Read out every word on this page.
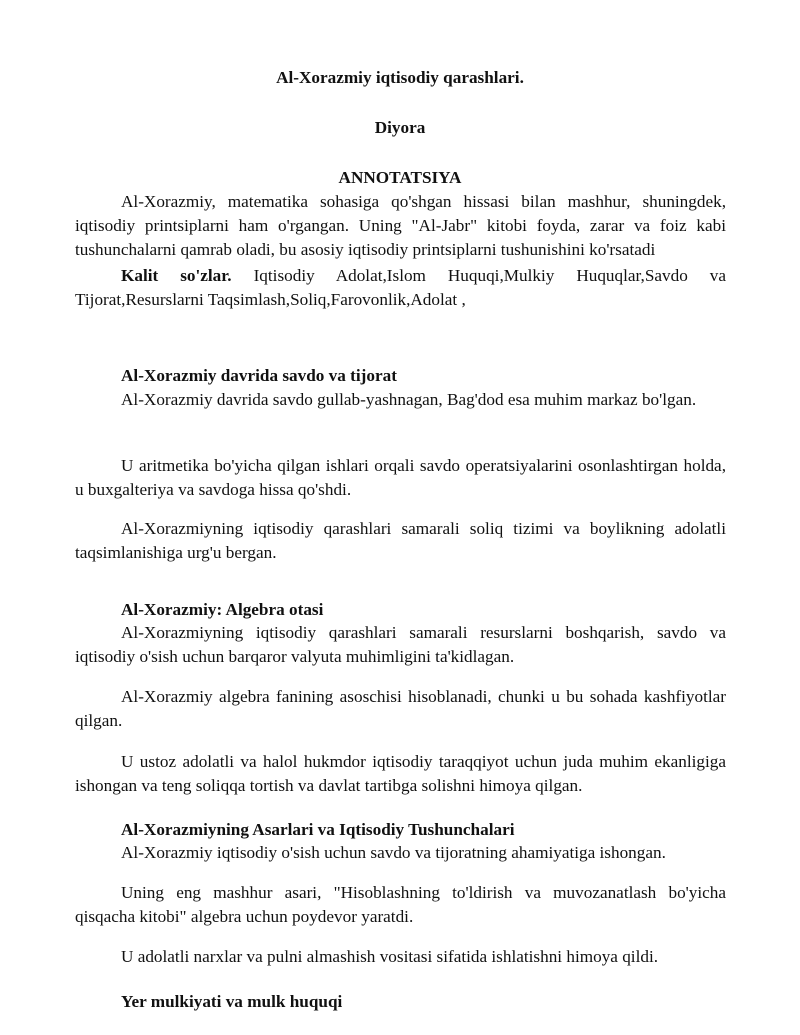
Al-Xorazmiy iqtisodiy qarashlari.
Diyora
ANNOTATSIYA

Al-Xorazmiy, matematika sohasiga qo'shgan hissasi bilan mashhur, shuningdek, iqtisodiy printsiplarni ham o'rgangan. Uning "Al-Jabr" kitobi foyda, zarar va foiz kabi tushunchalarni qamrab oladi, bu asosiy iqtisodiy printsiplarni tushunishini ko'rsatadi

Kalit so'zlar. Iqtisodiy Adolat,Islom Huquqi,Mulkiy Huquqlar,Savdo va Tijorat,Resurslarni Taqsimlash,Soliq,Farovonlik,Adolat ,

Al-Xorazmiy davrida savdo va tijorat

Al-Xorazmiy davrida savdo gullab-yashnagan, Bag'dod esa muhim markaz bo'lgan.

U aritmetika bo'yicha qilgan ishlari orqali savdo operatsiyalarini osonlashtirgan holda, u buxgalteriya va savdoga hissa qo'shdi.

Al-Xorazmiyning iqtisodiy qarashlari samarali soliq tizimi va boylikning adolatli taqsimlanishiga urg'u bergan.

Al-Xorazmiy: Algebra otasi

Al-Xorazmiyning iqtisodiy qarashlari samarali resurslarni boshqarish, savdo va iqtisodiy o'sish uchun barqaror valyuta muhimligini ta'kidlagan.

Al-Xorazmiy algebra fanining asoschisi hisoblanadi, chunki u bu sohada kashfiyotlar qilgan.

U ustoz adolatli va halol hukmdor iqtisodiy taraqqiyot uchun juda muhim ekanligiga ishongan va teng soliqqa tortish va davlat tartibga solishni himoya qilgan.

Al-Xorazmiyning Asarlari va Iqtisodiy Tushunchalari

Al-Xorazmiy iqtisodiy o'sish uchun savdo va tijoratning ahamiyatiga ishongan.

Uning eng mashhur asari, "Hisoblashning to'ldirish va muvozanatlash bo'yicha qisqacha kitobi" algebra uchun poydevor yaratdi.

U adolatli narxlar va pulni almashish vositasi sifatida ishlatishni himoya qildi.

Yer mulkiyati va mulk huquqi
